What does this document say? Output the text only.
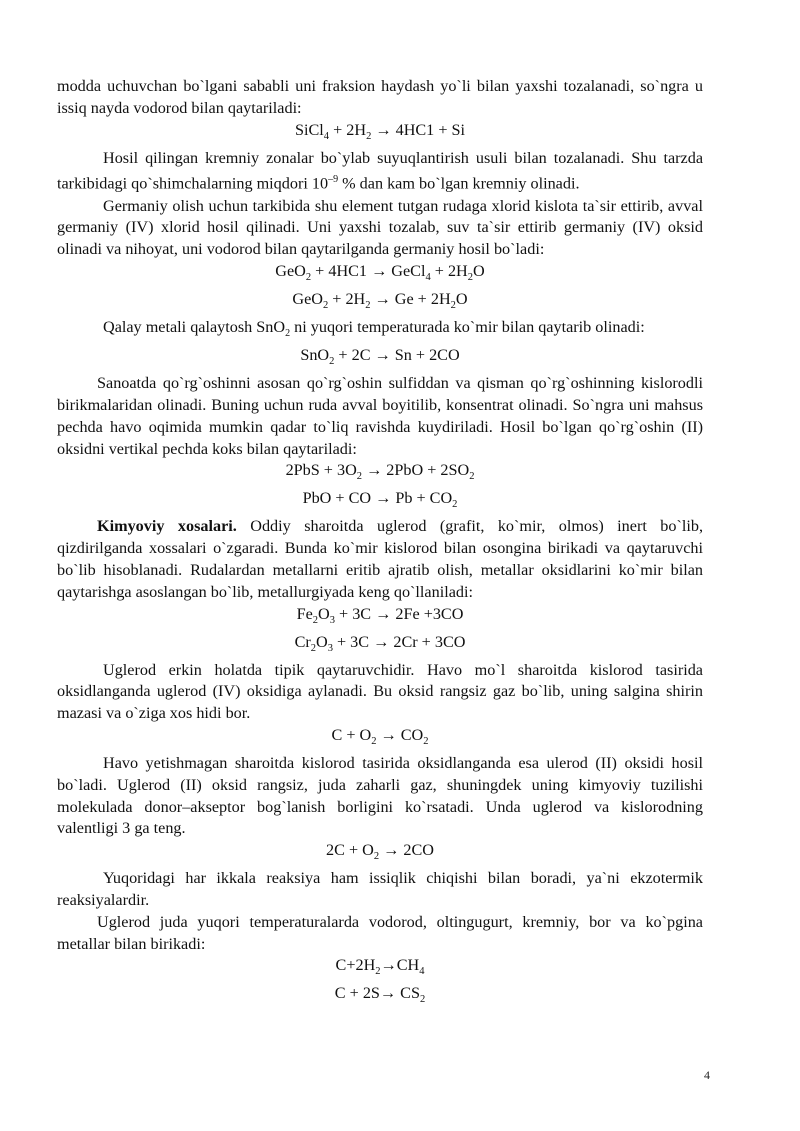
modda uchuvchan bo`lgani sababli uni fraksion haydash yo`li bilan yaxshi tozalanadi, so`ngra u issiq nayda vodorod bilan qaytariladi:

SiCl$_4$ + $2H_2 \to 4HC1 + Si$

Hosil qilingan kremniy zonalar bo`ylab suyuqlantirish usuli bilan tozalanadi. Shu tarzda tarkibidagi qo`shimchalarning miqdori $10^{-9}$ % dan kam bo`lgan kremniy olinadi.

Germaniy olish uchun tarkibida shu element tutgan rudaga xlorid kislota ta`sir ettirib, avval germaniy (IV) xlorid hosil qilinadi. Uni yaxshi tozalab, suv ta`sir ettirib germaniy (IV) oksid olinadi va nihoyat, uni vodorod bilan qaytarilganda germaniy hosil bo`ladi:

GeO$_2$ + 4HC1 → GeCl$_4$ + $2H_2O$

$GeO_2 + 2H_2 \to Ge + 2H_2O$

Qalay metali qalaytosh SnO$_2$ ni yuqori temperaturada ko`mir bilan qaytarib olinadi:

SnO$_2$ + 2C → Sn + 2CO

Sanoatda qo`rg`oshinni asosan qo`rg`oshin sulfiddan va qisman qo`rg`oshinning kislorodli birikmalaridan olinadi. Buning uchun ruda avval boyitilib, konsentrat olinadi. So`ngra uni mahsus pechda havo oqimida mumkin qadar to`liq ravishda kuydiriladi. Hosil bo`lgan qo`rg`oshin (II) oksidni vertikal pechda koks bilan qaytariladi:

$2PbS + 3O_2 \to 2PbO + 2SO_2$

PbO + CO → $Pb + CO_2$

Kimyoviy xosalari. Oddiy sharoitda uglerod (grafit, ko`mir, olmos) inert bo`lib, qizdirilganda xossalari o`zgaradi. Bunda ko`mir kislorod bilan osongina birikadi va qaytaruvchi bo`lib hisoblanadi. Rudalardan metallarni eritib ajratib olish, metallar oksidlarini ko`mir bilan qaytarishga asoslangan bo`lib, metallurgiyada keng qo`llaniladi:

$Fe_2O_3 + 3C \to 2Fe +3CO$

$Cr_2O_3 + 3C \to 2Cr + 3CO$

Uglerod erkin holatda tipik qaytaruvchidir. Havo mo`l sharoitda kislorod tasirida oksidlanganda uglerod (IV) oksidiga aylanadi. Bu oksid rangsiz gaz bo`lib, uning salgina shirin mazasi va o`ziga xos hidi bor.

$C + O_2 \to CO_2$

Havo yetishmagan sharoitda kislorod tasirida oksidlanganda esa ulerod (II) oksidi hosil bo`ladi. Uglerod (II) oksid rangsiz, juda zaharli gaz, shuningdek uning kimyoviy tuzilishi molekulada donor–akseptor bog`lanish borligini ko`rsatadi. Unda uglerod va kislorodning valentligi 3 ga teng.

$2C + O_2 \to 2CO$

Yuqoridagi har ikkala reaksiya ham issiqlik chiqishi bilan boradi, ya`ni ekzotermik reaksiyalardir.

Uglerod juda yuqori temperaturalarda vodorod, oltingugurt, kremniy, bor va ko`pgina metallar bilan birikadi:

$C+2H_2\to CH_4$

$C + 2S\to CS_2$

4
